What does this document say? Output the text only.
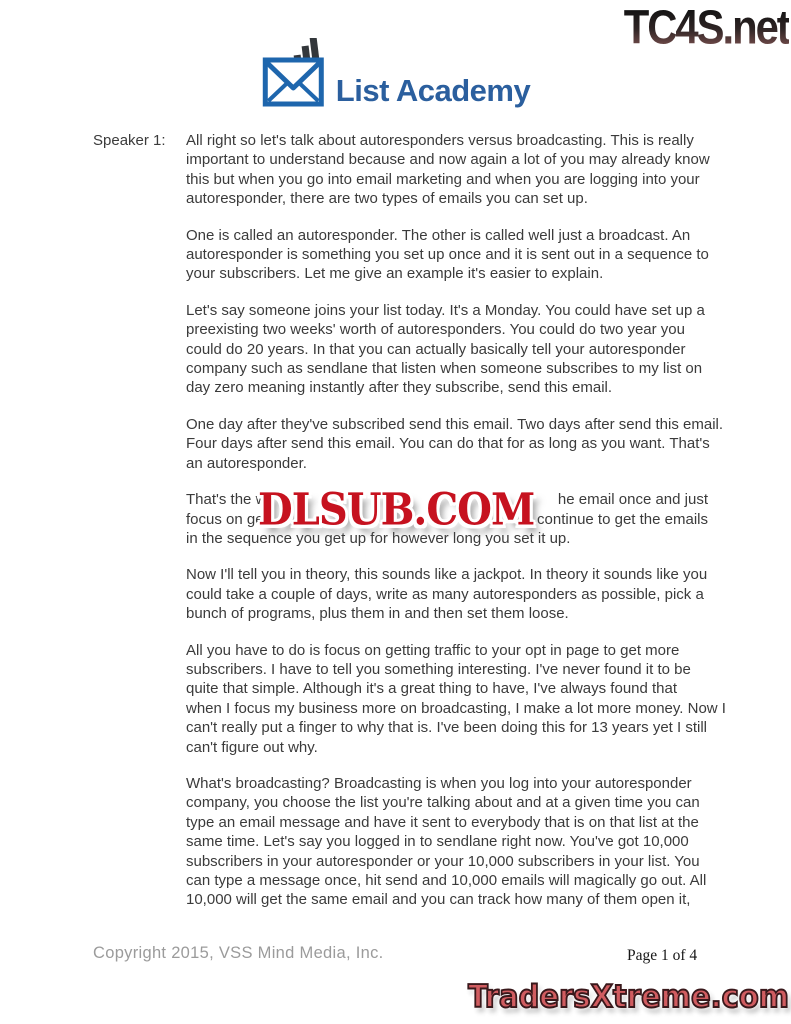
TC4S.net
List Academy
Speaker 1: All right so let's talk about autoresponders versus broadcasting. This is really
important to understand because and now again a lot of you may already know
this but when you go into email marketing and when you are logging into your
autoresponder, there are two types of emails you can set up.
One is called an autoresponder. The other is called well just a broadcast. An
autoresponder is something you set up once and it is sent out in a sequence to
your subscribers. Let me give an example it's easier to explain.
Let's say someone joins your list today. It's a Monday. You could have set up a
preexisting two weeks' worth of autoresponders. You could do two year you
could do 20 years. In that you can actually basically tell your autoresponder
company such as sendlane that listen when someone subscribes to my list on
day zero meaning instantly after they subscribe, send this email.
One day after they've subscribed send this email. Two days after send this email.
Four days after send this email. You can do that for as long as you want. That's
an autoresponder.
That's the w	he email once and just
focus on ge	continue to get the emails
in the sequence you get up for however long you set it up.
DLSUB.COM
Now I'll tell you in theory, this sounds like a jackpot. In theory it sounds like you
could take a couple of days, write as many autoresponders as possible, pick a
bunch of programs, plus them in and then set them loose.
All you have to do is focus on getting traffic to your opt in page to get more
subscribers. I have to tell you something interesting. I've never found it to be
quite that simple. Although it's a great thing to have, I've always found that
when I focus my business more on broadcasting, I make a lot more money. Now I
can't really put a finger to why that is. I've been doing this for 13 years yet I still
can't figure out why.
What's broadcasting? Broadcasting is when you log into your autoresponder
company, you choose the list you're talking about and at a given time you can
type an email message and have it sent to everybody that is on that list at the
same time. Let's say you logged in to sendlane right now. You've got 10,000
subscribers in your autoresponder or your 10,000 subscribers in your list. You
can type a message once, hit send and 10,000 emails will magically go out. All
10,000 will get the same email and you can track how many of them open it,
Copyright 2015, VSS Mind Media, Inc.	Page 1 of 4
TradersXtreme.com
